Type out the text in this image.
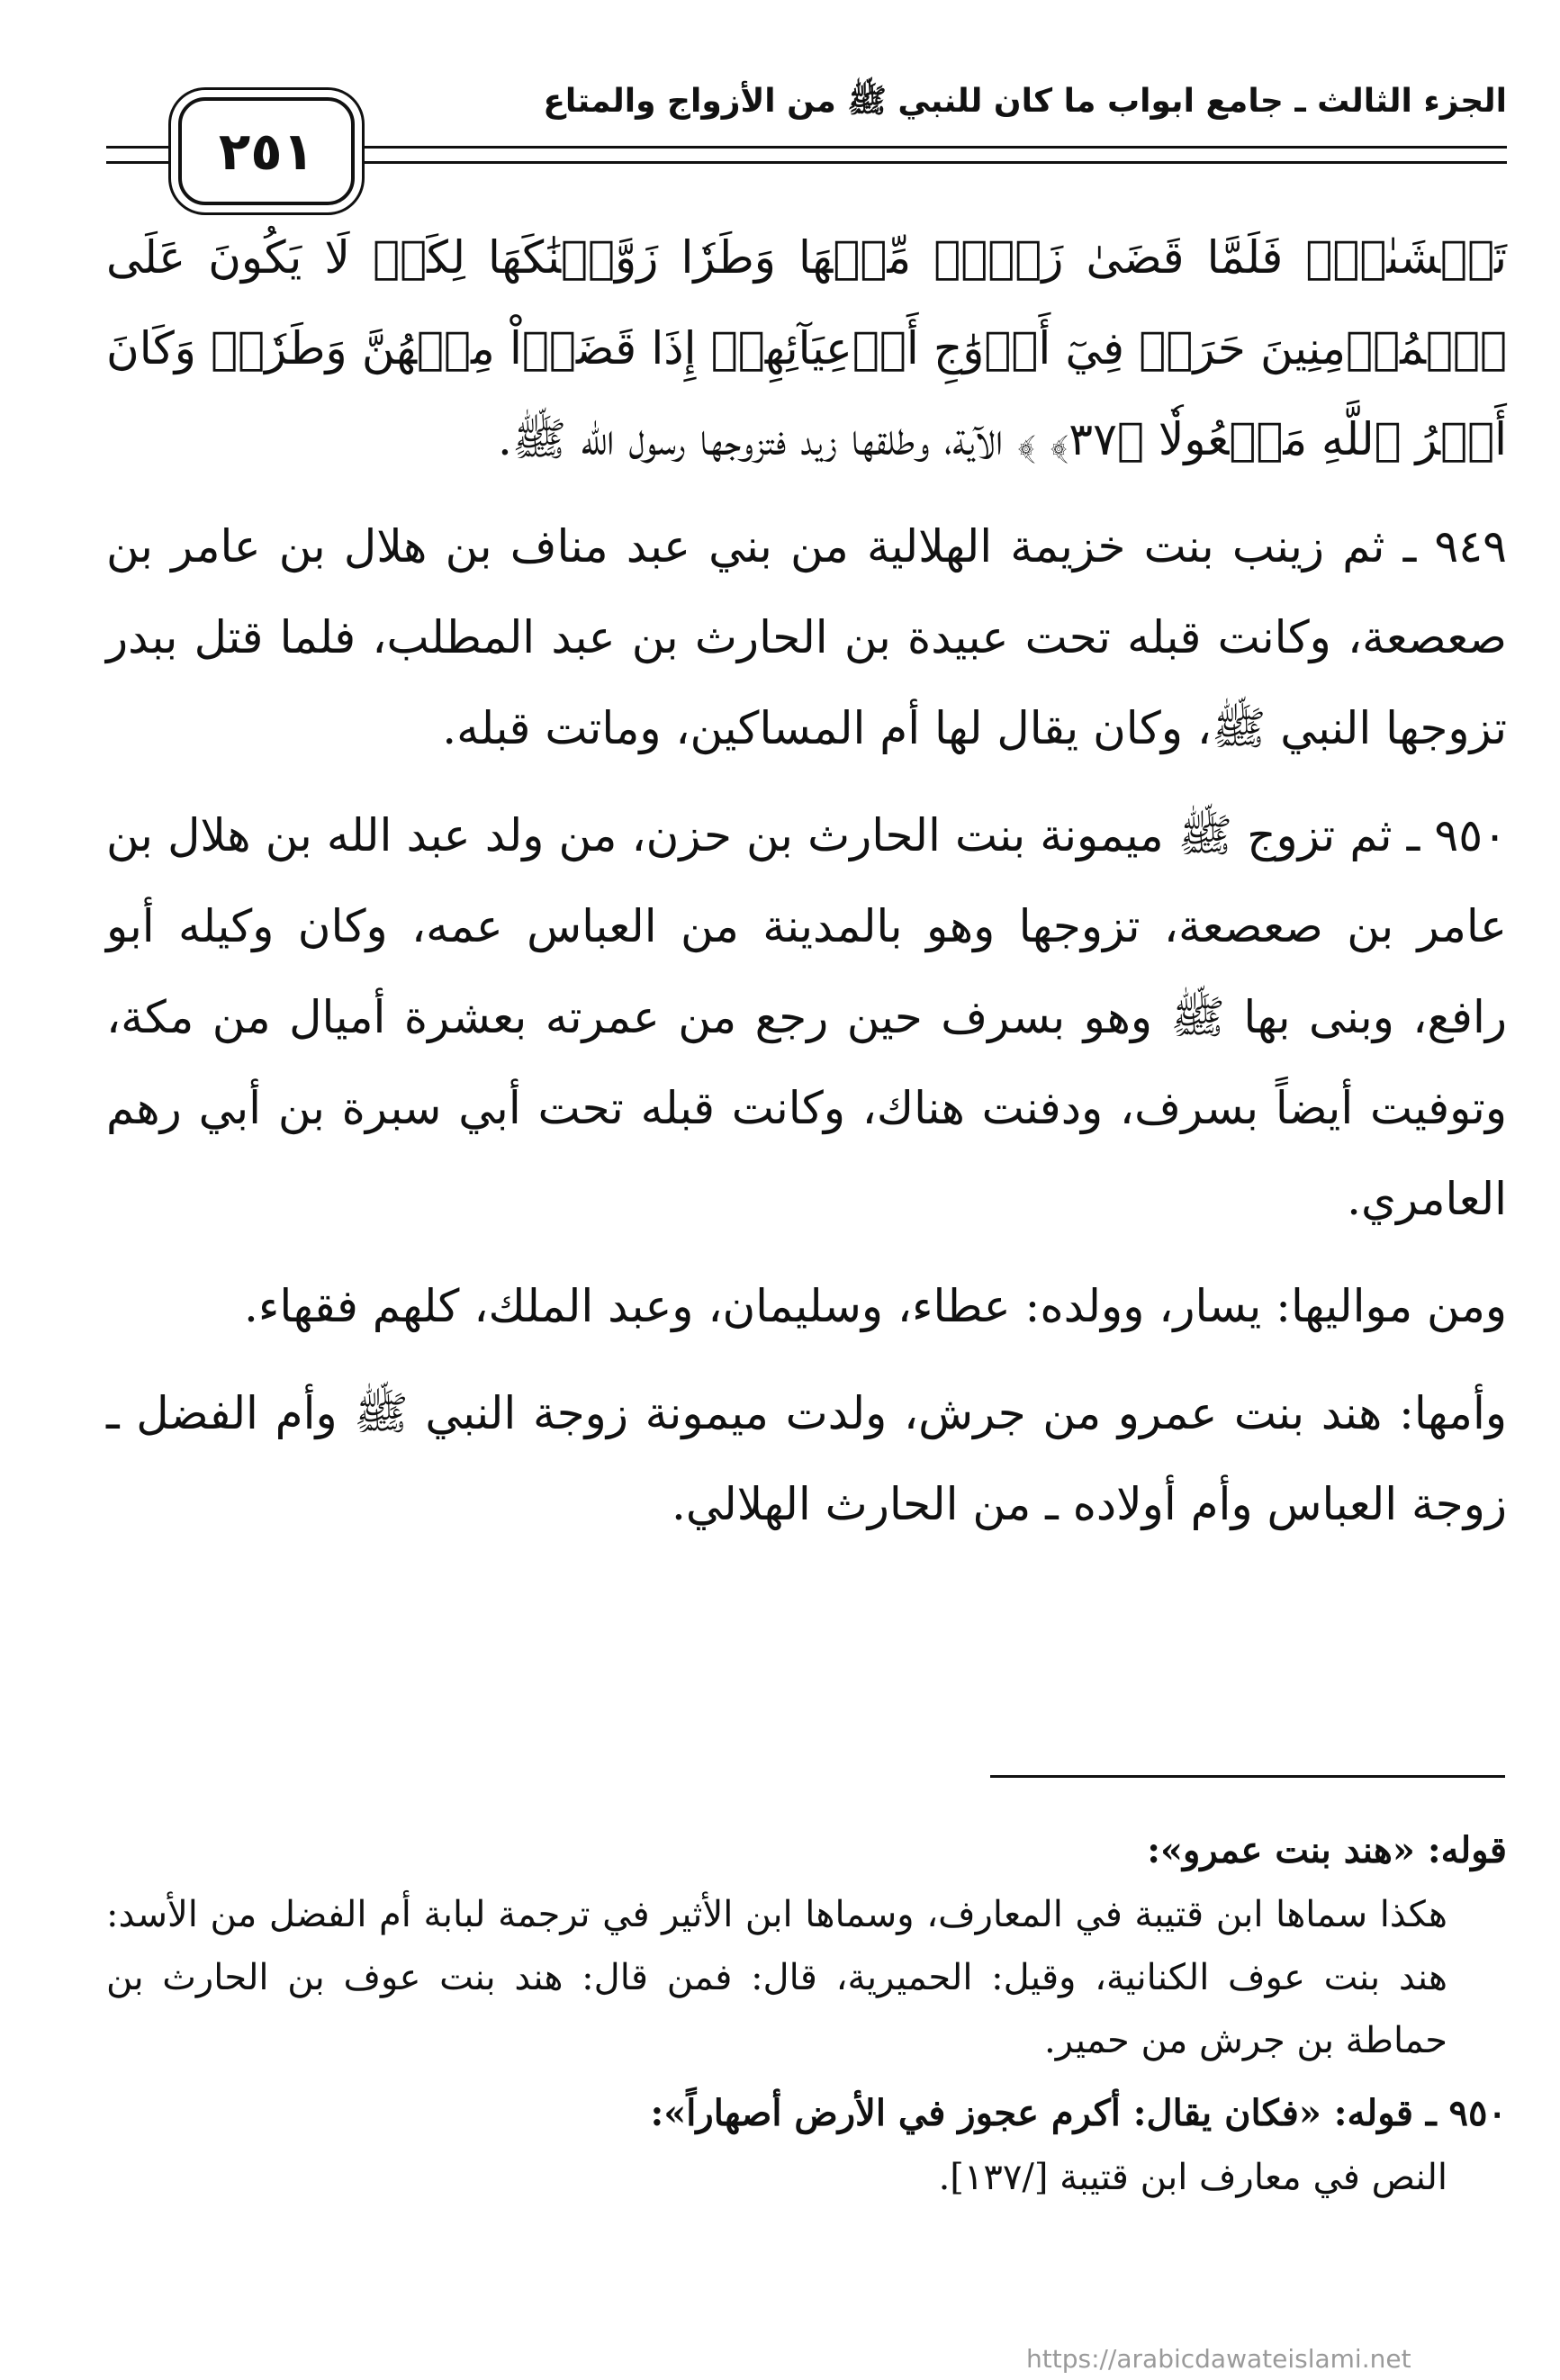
٢٥١
الجزء الثالث ـ جامع ابواب ما كان للنبي ﷺ من الأزواج والمتاع

تَخۡشَىٰهُۖ فَلَمَّا قَضَىٰ زَيۡدٞ مِّنۡهَا وَطَرٗا زَوَّجۡنَٰكَهَا لِكَيۡ لَا يَكُونَ عَلَى ٱلۡمُؤۡمِنِينَ حَرَجٞ فِيٓ أَزۡوَٰجِ أَدۡعِيَآئِهِمۡ إِذَا قَضَوۡاْ مِنۡهُنَّ وَطَرٗاۚ وَكَانَ أَمۡرُ ٱللَّهِ مَفۡعُولٗا ﴿٣٧﴾ ﴾ الآية، وطلقها زيد فتزوجها رسول الله ﷺ.

٩٤٩ ـ ثم زينب بنت خزيمة الهلالية من بني عبد مناف بن هلال بن عامر بن صعصعة، وكانت قبله تحت عبيدة بن الحارث بن عبد المطلب، فلما قتل ببدر تزوجها النبي ﷺ، وكان يقال لها أم المساكين، وماتت قبله.

٩٥٠ ـ ثم تزوج ﷺ ميمونة بنت الحارث بن حزن، من ولد عبد الله بن هلال بن عامر بن صعصعة، تزوجها وهو بالمدينة من العباس عمه، وكان وكيله أبو رافع، وبنى بها ﷺ وهو بسرف حين رجع من عمرته بعشرة أميال من مكة، وتوفيت أيضاً بسرف، ودفنت هناك، وكانت قبله تحت أبي سبرة بن أبي رهم العامري.

ومن مواليها: يسار، وولده: عطاء، وسليمان، وعبد الملك، كلهم فقهاء.

وأمها: هند بنت عمرو من جرش، ولدت ميمونة زوجة النبي ﷺ وأم الفضل ـ زوجة العباس وأم أولاده ـ من الحارث الهلالي.

قوله: «هند بنت عمرو»:

هكذا سماها ابن قتيبة في المعارف، وسماها ابن الأثير في ترجمة لبابة أم الفضل من الأسد: هند بنت عوف الكنانية، وقيل: الحميرية، قال: فمن قال: هند بنت عوف بن الحارث بن حماطة بن جرش من حمير.

٩٥٠ ـ قوله: «فكان يقال: أكرم عجوز في الأرض أصهاراً»:

النص في معارف ابن قتيبة [/١٣٧].

https://arabicdawateislami.net
